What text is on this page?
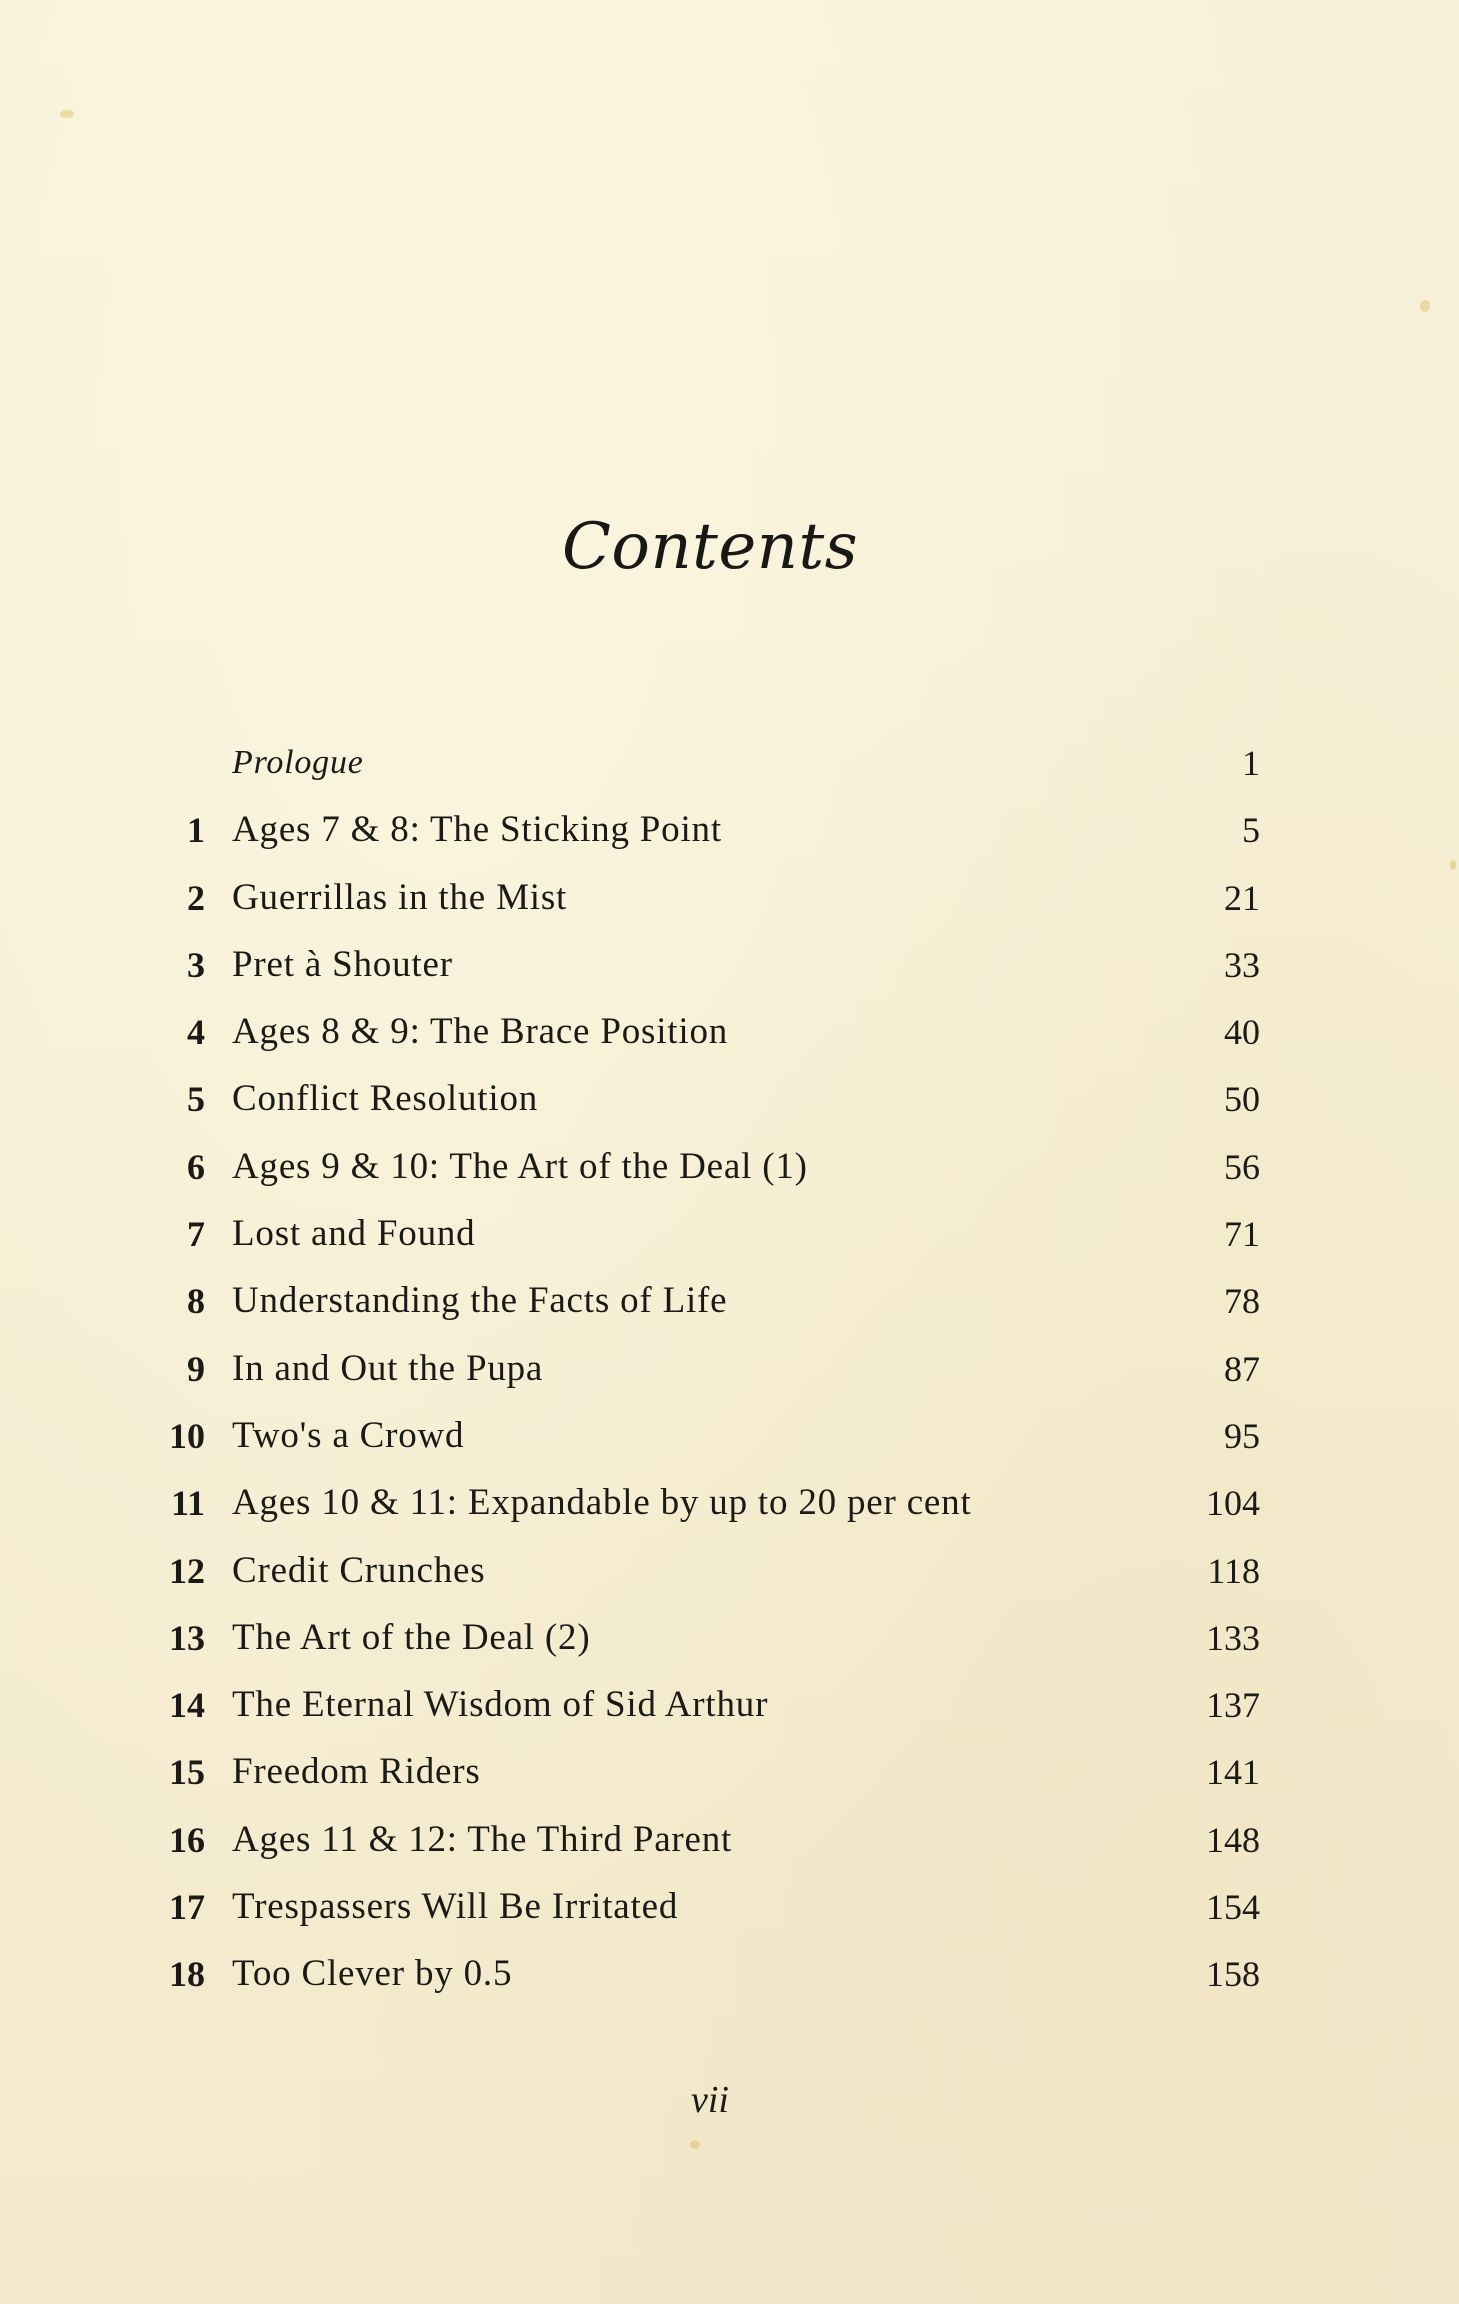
Contents
Prologue	1
1 Ages 7 & 8: The Sticking Point	5
2 Guerrillas in the Mist	21
3 Pret à Shouter	33
4 Ages 8 & 9: The Brace Position	40
5 Conflict Resolution	50
6 Ages 9 & 10: The Art of the Deal (1)	56
7 Lost and Found	71
8 Understanding the Facts of Life	78
9 In and Out the Pupa	87
10 Two's a Crowd	95
11 Ages 10 & 11: Expandable by up to 20 per cent	104
12 Credit Crunches	118
13 The Art of the Deal (2)	133
14 The Eternal Wisdom of Sid Arthur	137
15 Freedom Riders	141
16 Ages 11 & 12: The Third Parent	148
17 Trespassers Will Be Irritated	154
18 Too Clever by 0.5	158
vii
